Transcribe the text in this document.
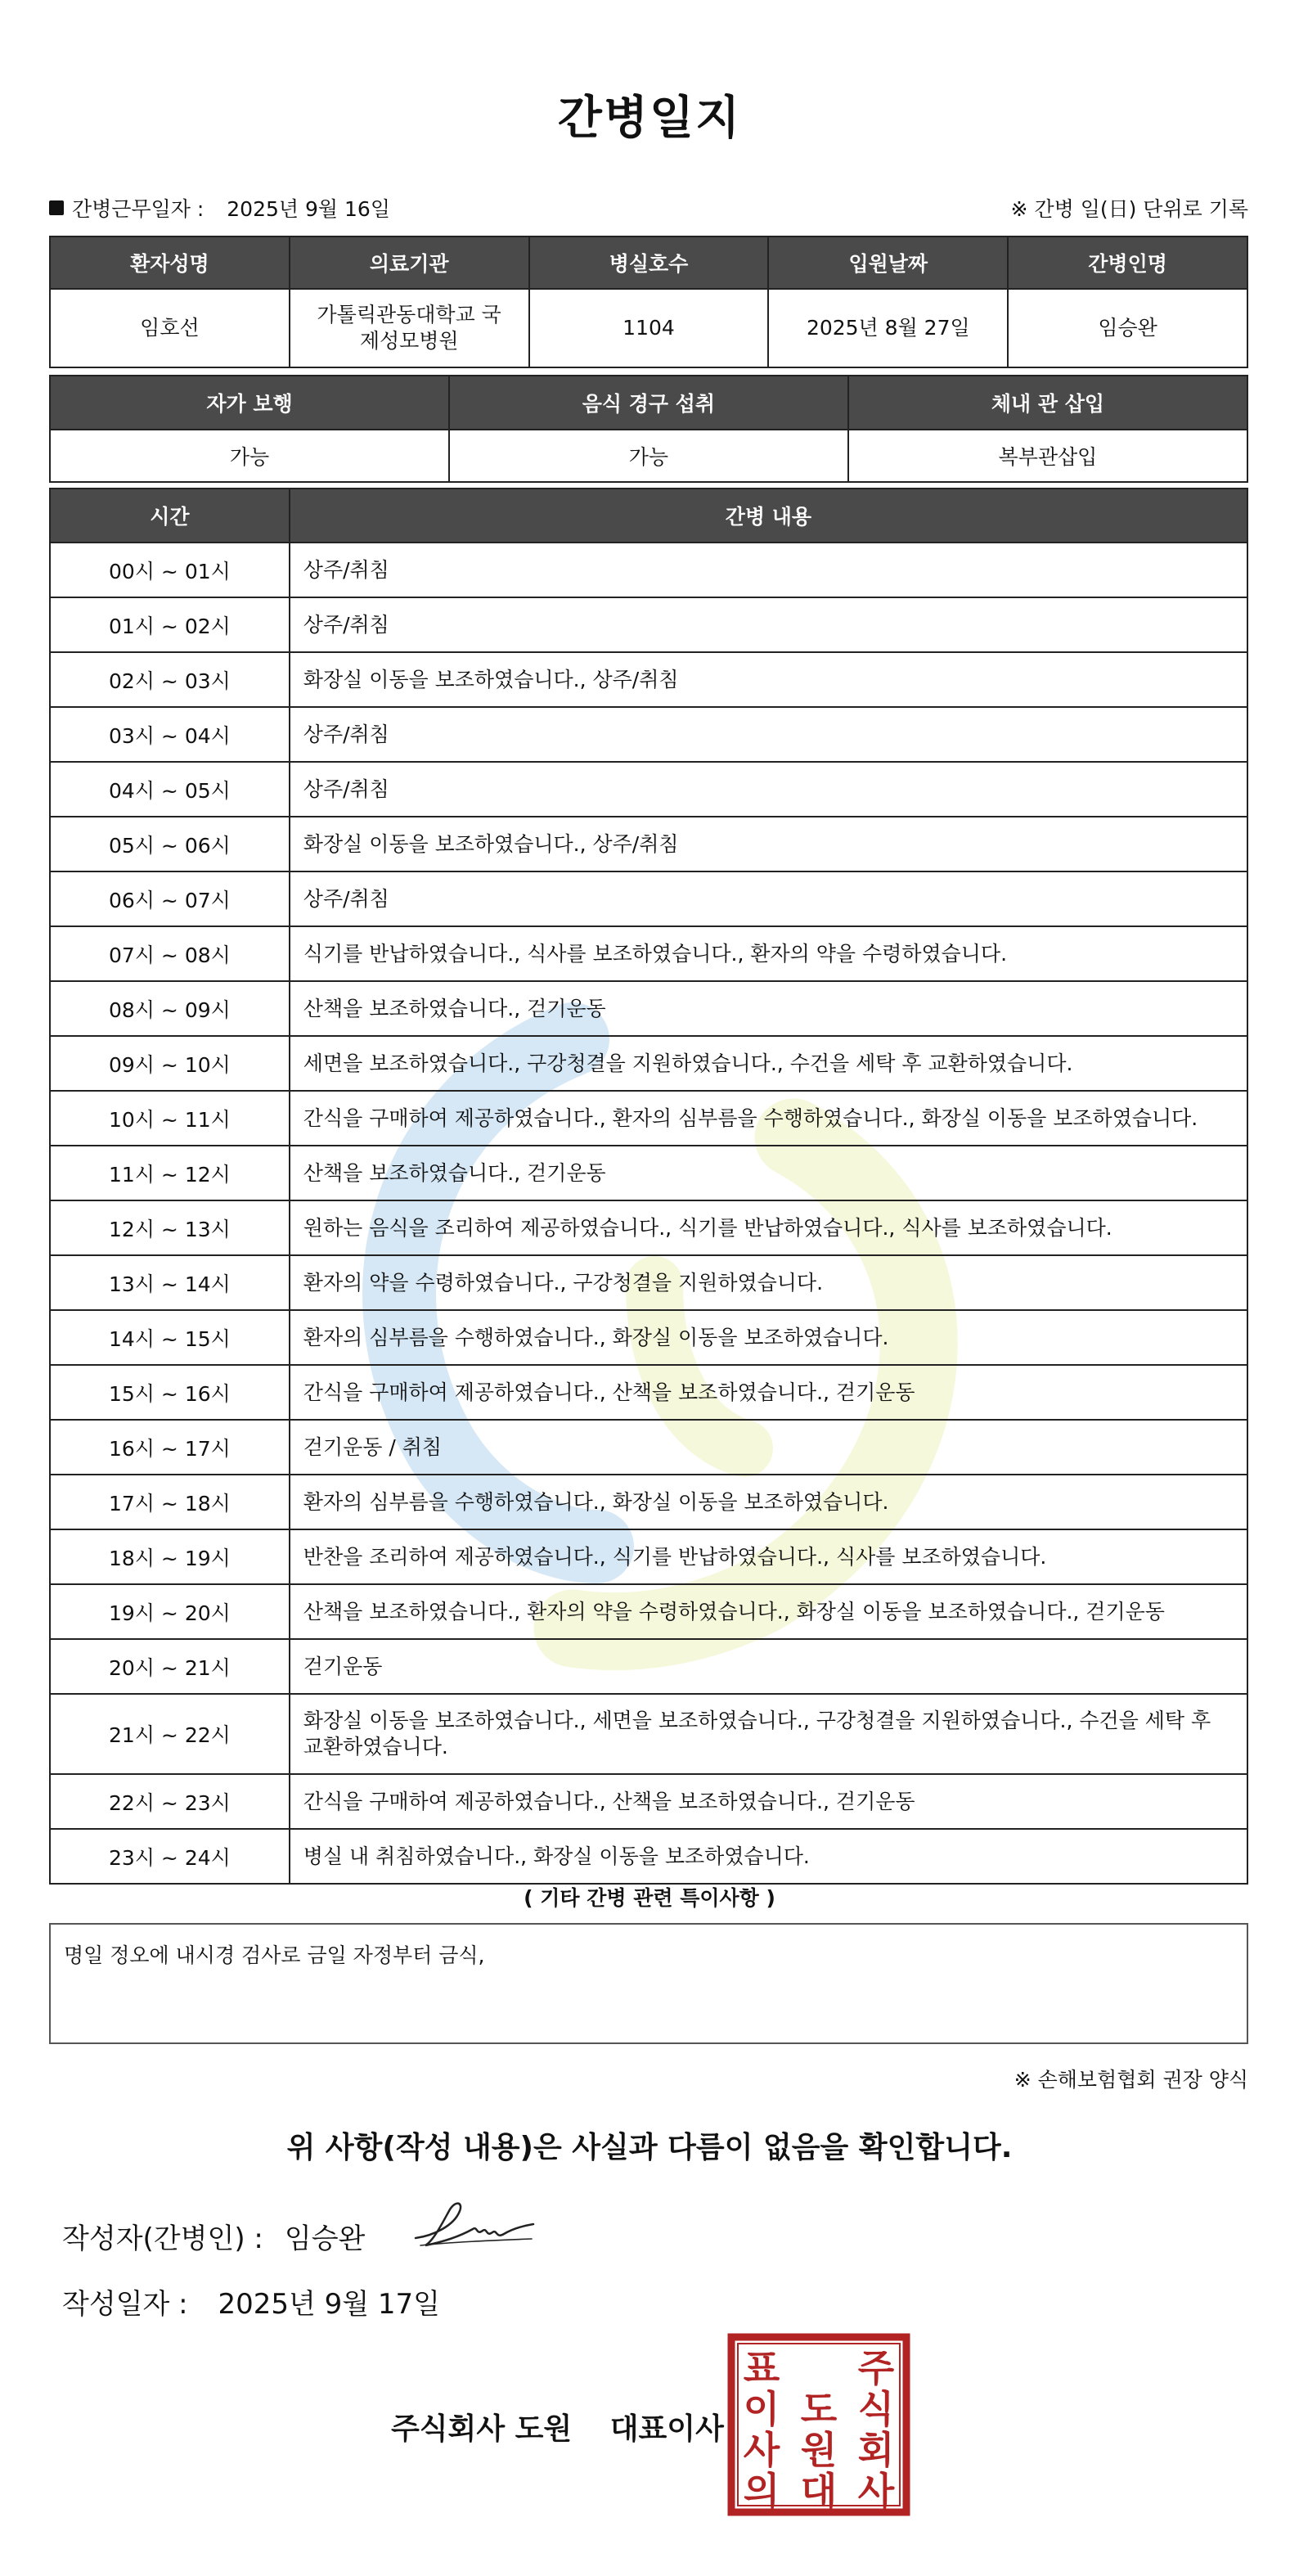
간병일지
간병근무일자 : 2025년 9월 16일	※ 간병 일(日) 단위로 기록
환자성명	의료기관	병실호수	입원날짜	간병인명
임호선	가톨릭관동대학교 국제성모병원	1104	2025년 8월 27일	임승완
자가 보행	음식 경구 섭취	체내 관 삽입
가능	가능	복부관삽입
시간	간병 내용
00시 ~ 01시	상주/취침
01시 ~ 02시	상주/취침
02시 ~ 03시	화장실 이동을 보조하였습니다., 상주/취침
03시 ~ 04시	상주/취침
04시 ~ 05시	상주/취침
05시 ~ 06시	화장실 이동을 보조하였습니다., 상주/취침
06시 ~ 07시	상주/취침
07시 ~ 08시	식기를 반납하였습니다., 식사를 보조하였습니다., 환자의 약을 수령하였습니다.
08시 ~ 09시	산책을 보조하였습니다., 걷기운동
09시 ~ 10시	세면을 보조하였습니다., 구강청결을 지원하였습니다., 수건을 세탁 후 교환하였습니다.
10시 ~ 11시	간식을 구매하여 제공하였습니다., 환자의 심부름을 수행하였습니다., 화장실 이동을 보조하였습니다.
11시 ~ 12시	산책을 보조하였습니다., 걷기운동
12시 ~ 13시	원하는 음식을 조리하여 제공하였습니다., 식기를 반납하였습니다., 식사를 보조하였습니다.
13시 ~ 14시	환자의 약을 수령하였습니다., 구강청결을 지원하였습니다.
14시 ~ 15시	환자의 심부름을 수행하였습니다., 화장실 이동을 보조하였습니다.
15시 ~ 16시	간식을 구매하여 제공하였습니다., 산책을 보조하였습니다., 걷기운동
16시 ~ 17시	걷기운동 / 취침
17시 ~ 18시	환자의 심부름을 수행하였습니다., 화장실 이동을 보조하였습니다.
18시 ~ 19시	반찬을 조리하여 제공하였습니다., 식기를 반납하였습니다., 식사를 보조하였습니다.
19시 ~ 20시	산책을 보조하였습니다., 환자의 약을 수령하였습니다., 화장실 이동을 보조하였습니다., 걷기운동
20시 ~ 21시	걷기운동
21시 ~ 22시	화장실 이동을 보조하였습니다., 세면을 보조하였습니다., 구강청결을 지원하였습니다., 수건을 세탁 후 교환하였습니다.
22시 ~ 23시	간식을 구매하여 제공하였습니다., 산책을 보조하였습니다., 걷기운동
23시 ~ 24시	병실 내 취침하였습니다., 화장실 이동을 보조하였습니다.
( 기타 간병 관련 특이사항 )
명일 정오에 내시경 검사로 금일 자정부터 금식,
※ 손해보험협회 권장 양식
위 사항(작성 내용)은 사실과 다름이 없음을 확인합니다.
작성자(간병인) : 임승완
작성일자 : 2025년 9월 17일
주식회사 도원 대표이사
주
식
회
사
도
원
대
표
이
사
의
